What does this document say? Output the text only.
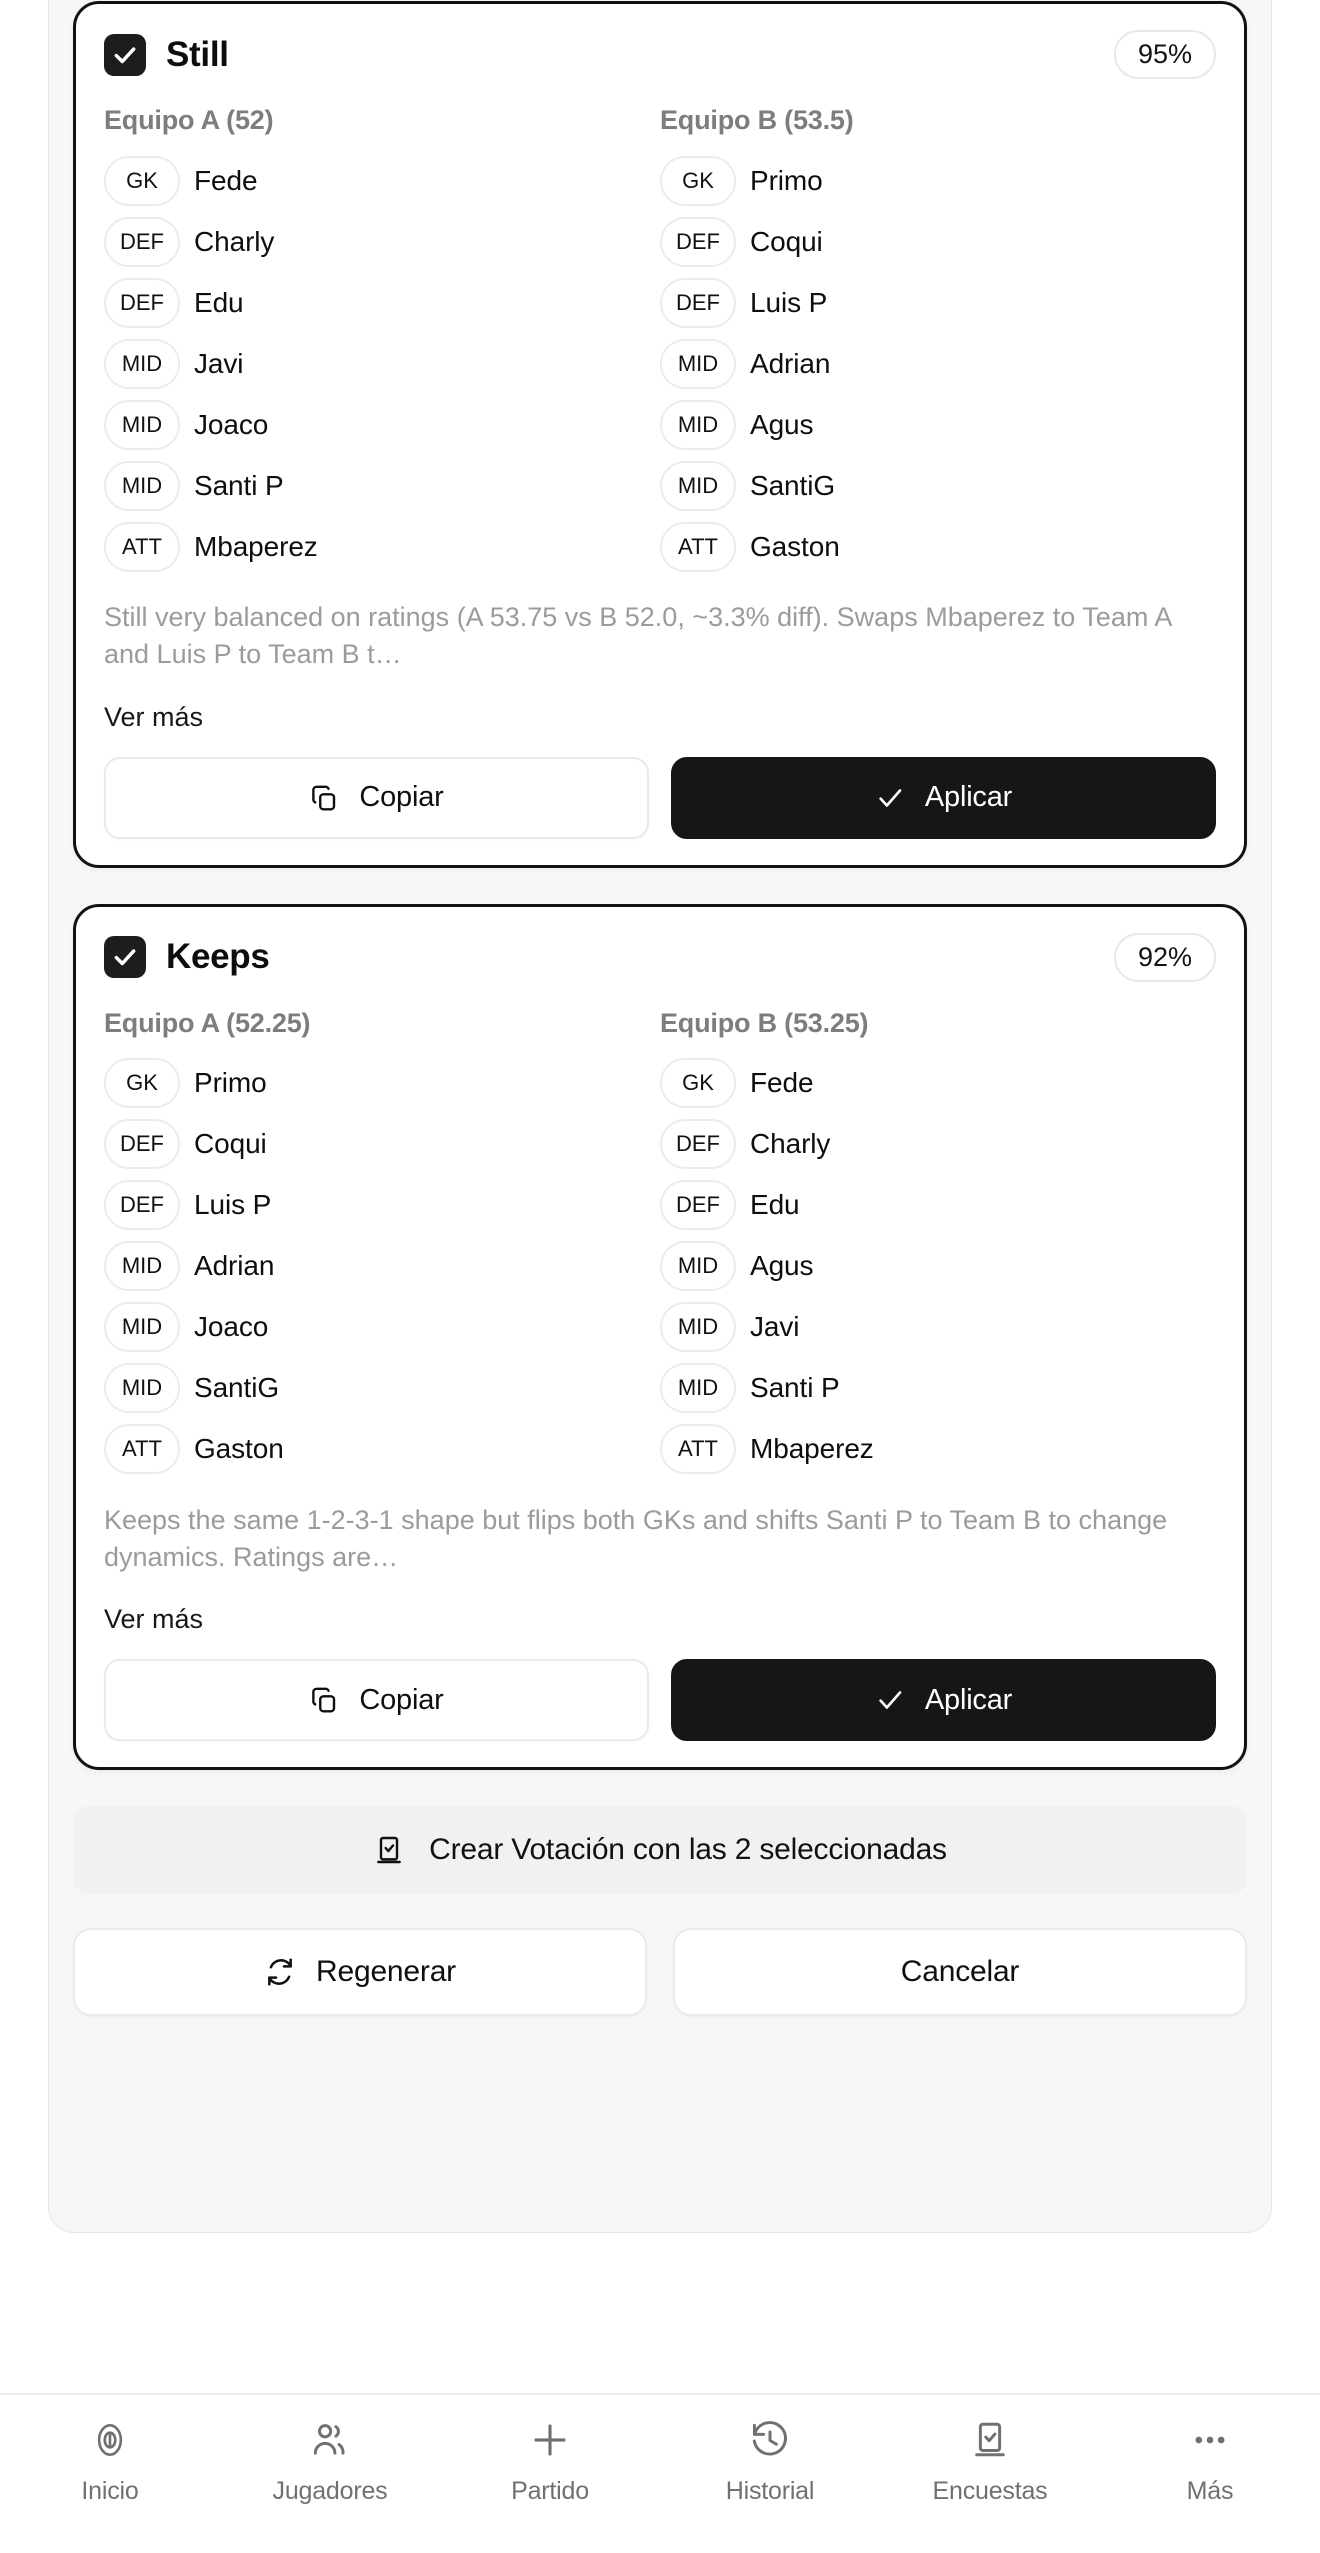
Still	95%
Equipo A (52)
GK	Fede
DEF	Charly
DEF	Edu
MID	Javi
MID	Joaco
MID	Santi P
ATT	Mbaperez
Equipo B (53.5)
GK	Primo
DEF	Coqui
DEF	Luis P
MID	Adrian
MID	Agus
MID	SantiG
ATT	Gaston
Still very balanced on ratings (A 53.75 vs B 52.0, ~3.3% diff). Swaps Mbaperez to Team A and Luis P to Team B t…
Ver más
Copiar	Aplicar
Keeps	92%
Equipo A (52.25)
GK	Primo
DEF	Coqui
DEF	Luis P
MID	Adrian
MID	Joaco
MID	SantiG
ATT	Gaston
Equipo B (53.25)
GK	Fede
DEF	Charly
DEF	Edu
MID	Agus
MID	Javi
MID	Santi P
ATT	Mbaperez
Keeps the same 1-2-3-1 shape but flips both GKs and shifts Santi P to Team B to change dynamics. Ratings are…
Ver más
Copiar	Aplicar
Crear Votación con las 2 seleccionadas
Regenerar	Cancelar
Inicio	Jugadores	Partido	Historial	Encuestas	Más
